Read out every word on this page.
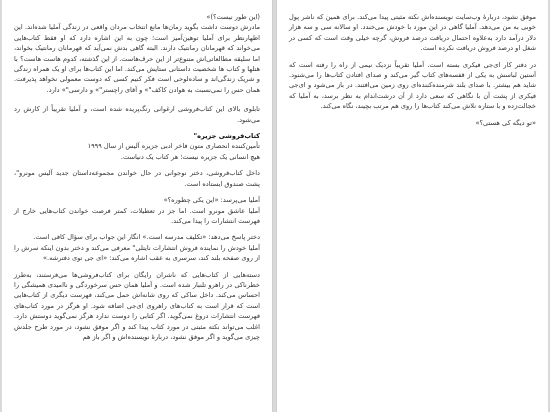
(این طور نیست؟)»

مادرش دوست داشت بگوید رمان‌ها مانع انتخاب مردان واقعی در زندگی آملیا شده‌اند. این اظهارنظر برای آملیا توهین‌آمیز است؛ چون به این اشاره دارد که او فقط کتاب‌هایی می‌خواند که قهرمانان رمانتیک دارند. البته گاهی بدش نمی‌آید که قهرمانان رمانتیک بخواند، اما سلیقه مطالعاتی‌اش متنوع‌تر از این حرف‌هاست. از این گذشته، کدوم هاست ها‌ست؟ با هتلها و کتاب ها شخصیت داستانی ستایش می‌کند. اما این کتاب‌ها برای او یک همراه زندگی و شریک زندگی‌اند و ساده‌لوحی است فکر کنیم کسی که دوست معمولی نخواهد پذیرفت. همان حس را نمی‌نسبت به هوادن کاکف"» و آقای راچستر"» و دارسی"» دارد.

تابلوی بالای این کتاب‌فروشی ارغوانی رنگ‌پریده شده است، و آملیا تقریباً از کارش رد می‌شود.

کتاب‌فروشی جزیره"

تأمین‌کننده انحصاری متون فاخر ادبی جزیره آلیس از سال ۱۹۹۹

هیچ انسانی یک جزیره نیست؛ هر کتاب یک دنیاست.

داخل کتاب‌فروشی، دختر نوجوانی در حال خواندن مجموعه‌داستان جدید آلیس مونرو"، پشت صندوق ایستاده است.

آملیا می‌پرسد: «این یکی چطوره؟»

آملیا عاشق مونرو است. اما جز در تعطیلات، کمتر فرصت خواندن کتاب‌هایی خارج از فهرست انتشارات را پیدا می‌کند.

دختر پاسخ می‌دهد: «تکلیف مدرسه است.» انگار این جواب برای سؤال کافی است.

آملیا خودش را نماینده فروش انتشارات نایتلی" معرفی می‌کند و دختر بدون اینکه سرش را از روی صفحه بلند کند، سرسری به عقب اشاره می‌کند: «ای جی توی دفترشه.»

دسته‌هایی از کتاب‌هایی که ناشران رایگان برای کتاب‌فروشی‌ها می‌فرستند، به‌طرز خطرناکی در راهرو تلنبار شده است. و آملیا همان حس سرخوردگی و ناامیدی همیشگی را احساس می‌کند. داخل ساکی که روی شانه‌اش حمل می‌کند، فهرست دیگری از کتاب‌هایی است که قرار است به کتاب‌های راهروی ای‌جی اضافه شود. او هرگز در مورد کتاب‌های فهرست انتشارات دروغ نمی‌گوید. اگر کتابی را دوست ندارد هرگز نمی‌گوید دوستش دارد. اغلب می‌تواند نکته مثبتی در مورد کتاب پیدا کند و اگر موفق نشود، در مورد طرح جلدش چیزی می‌گوید و اگر موفق نشود، دربارهٔ نویسنده‌اش و اگر باز هم

موفق نشود، دربارهٔ وب‌سایت نویسنده‌اش نکته مثبتی پیدا می‌کند. برای همین که ناشر پول خوبی به من می‌دهد. آملیا گاهی در این مورد با خودش می‌خندد. او سالانه سی و سه هزار دلار درآمد دارد به‌علاوه احتمال دریافت درصد فروش، گرچه خیلی وقت است که کسی در شغل او درصد فروش دریافت نکرده است.

در دفتر کار ای‌جی فیکری بسته است. آملیا تقریباً نزدیک نیمی از راه را رفته است که آستین لباسش به یکی از قفسه‌های کتاب گیر می‌کند و صدای افتادن کتاب‌ها را می‌شنود. شاید هم بیشتر. با صدای بلند شرمنده‌کننده‌ای روی زمین می‌افتند. در باز می‌شود و ای‌جی فیکری از پشت آن با نگاهی که سعی دارد از آن درشت‌اندام به نظر برسد، به آملیا که خجالت‌زده و با ستاره نلاش می‌کند کتاب‌ها را روی هم مرتب بچیند، نگاه می‌کند.

«تو دیگه کی هستی؟»
